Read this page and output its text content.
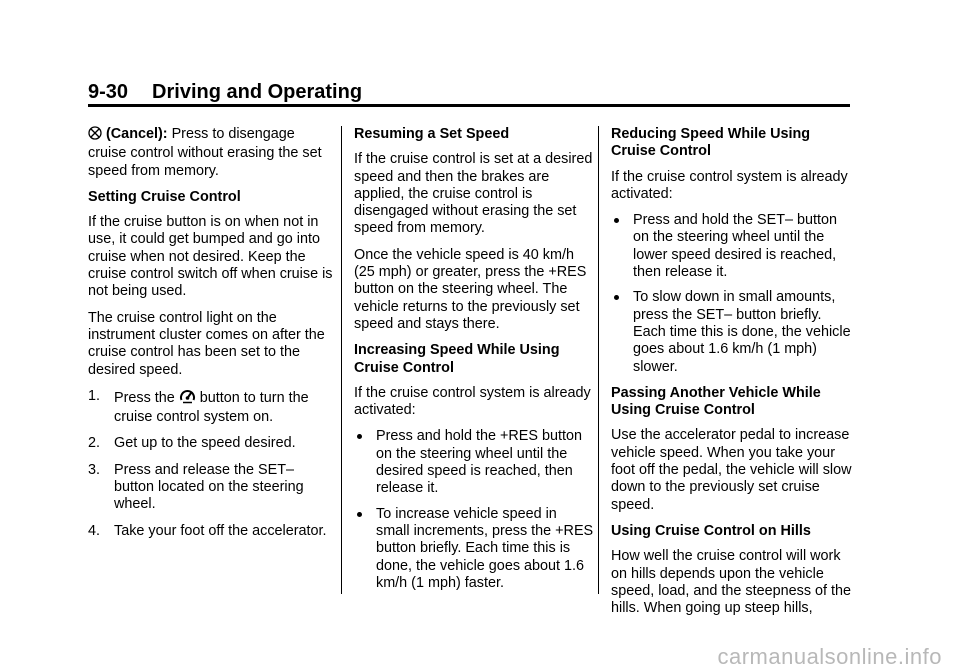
9-30 Driving and Operating

(Cancel): Press to disengage cruise control without erasing the set speed from memory.

Setting Cruise Control

If the cruise button is on when not in use, it could get bumped and go into cruise when not desired. Keep the cruise control switch off when cruise is not being used.

The cruise control light on the instrument cluster comes on after the cruise control has been set to the desired speed.

1. Press the button to turn the cruise control system on.
2. Get up to the speed desired.
3. Press and release the SET– button located on the steering wheel.
4. Take your foot off the accelerator.

Resuming a Set Speed

If the cruise control is set at a desired speed and then the brakes are applied, the cruise control is disengaged without erasing the set speed from memory.

Once the vehicle speed is 40 km/h (25 mph) or greater, press the +RES button on the steering wheel. The vehicle returns to the previously set speed and stays there.

Increasing Speed While Using Cruise Control

If the cruise control system is already activated:

Press and hold the +RES button on the steering wheel until the desired speed is reached, then release it.
To increase vehicle speed in small increments, press the +RES button briefly. Each time this is done, the vehicle goes about 1.6 km/h (1 mph) faster.

Reducing Speed While Using Cruise Control

If the cruise control system is already activated:

Press and hold the SET– button on the steering wheel until the lower speed desired is reached, then release it.
To slow down in small amounts, press the SET– button briefly. Each time this is done, the vehicle goes about 1.6 km/h (1 mph) slower.

Passing Another Vehicle While Using Cruise Control

Use the accelerator pedal to increase vehicle speed. When you take your foot off the pedal, the vehicle will slow down to the previously set cruise speed.

Using Cruise Control on Hills

How well the cruise control will work on hills depends upon the vehicle speed, load, and the steepness of the hills. When going up steep hills,

carmanualsonline.info
